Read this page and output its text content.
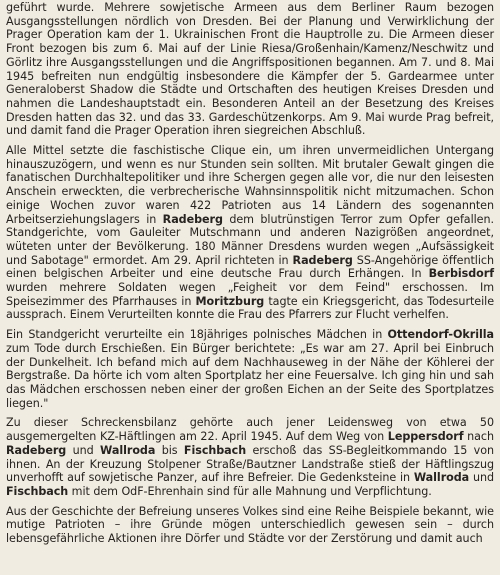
geführt wurde. Mehrere sowjetische Armeen aus dem Berliner Raum bezogen Ausgangsstellungen nördlich von Dresden. Bei der Planung und Verwirklichung der Prager Operation kam der 1. Ukrainischen Front die Hauptrolle zu. Die Armeen dieser Front bezogen bis zum 6. Mai auf der Linie Riesa/Großenhain/Kamenz/Neschwitz und Görlitz ihre Ausgangsstellungen und die Angriffspositionen begannen. Am 7. und 8. Mai 1945 befreiten nun endgültig insbesondere die Kämpfer der 5. Gardearmee unter Generaloberst Shadow die Städte und Ortschaften des heutigen Kreises Dresden und nahmen die Landeshauptstadt ein. Besonderen Anteil an der Besetzung des Kreises Dresden hatten das 32. und das 33. Gardeschützenkorps. Am 9. Mai wurde Prag befreit, und damit fand die Prager Operation ihren siegreichen Abschluß.

Alle Mittel setzte die faschistische Clique ein, um ihren unvermeidlichen Untergang hinauszuzögern, und wenn es nur Stunden sein sollten. Mit brutaler Gewalt gingen die fanatischen Durchhaltepolitiker und ihre Schergen gegen alle vor, die nur den leisesten Anschein erweckten, die verbrecherische Wahnsinnspolitik nicht mitzumachen. Schon einige Wochen zuvor waren 422 Patrioten aus 14 Ländern des sogenannten Arbeitserziehungslagers in Radeberg dem blutrünstigen Terror zum Opfer gefallen. Standgerichte, vom Gauleiter Mutschmann und anderen Nazigrößen angeordnet, wüteten unter der Bevölkerung. 180 Männer Dresdens wurden wegen „Aufsässigkeit und Sabotage" ermordet. Am 29. April richteten in Radeberg SS-Angehörige öffentlich einen belgischen Arbeiter und eine deutsche Frau durch Erhängen. In Berbisdorf wurden mehrere Soldaten wegen „Feigheit vor dem Feind" erschossen. Im Speisezimmer des Pfarrhauses in Moritzburg tagte ein Kriegsgericht, das Todesurteile aussprach. Einem Verurteilten konnte die Frau des Pfarrers zur Flucht verhelfen.

Ein Standgericht verurteilte ein 18jähriges polnisches Mädchen in Ottendorf-Okrilla zum Tode durch Erschießen. Ein Bürger berichtete: „Es war am 27. April bei Einbruch der Dunkelheit. Ich befand mich auf dem Nachhauseweg in der Nähe der Köhlerei der Bergstraße. Da hörte ich vom alten Sportplatz her eine Feuersalve. Ich ging hin und sah das Mädchen erschossen neben einer der großen Eichen an der Seite des Sportplatzes liegen."

Zu dieser Schreckensbilanz gehörte auch jener Leidensweg von etwa 50 ausgemergelten KZ-Häftlingen am 22. April 1945. Auf dem Weg von Leppersdorf nach Radeberg und Wallroda bis Fischbach erschoß das SS-Begleitkommando 15 von ihnen. An der Kreuzung Stolpener Straße/Bautzner Landstraße stieß der Häftlingszug unverhofft auf sowjetische Panzer, auf ihre Befreier. Die Gedenksteine in Wallroda und Fischbach mit dem OdF-Ehrenhain sind für alle Mahnung und Verpflichtung.

Aus der Geschichte der Befreiung unseres Volkes sind eine Reihe Beispiele bekannt, wie mutige Patrioten – ihre Gründe mögen unterschiedlich gewesen sein – durch lebensgefährliche Aktionen ihre Dörfer und Städte vor der Zerstörung und damit auch
